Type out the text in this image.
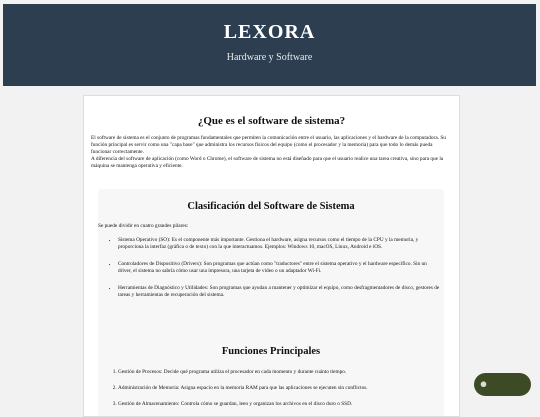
LEXORA
Hardware y Software
¿Que es el software de sistema?

El software de sistema es el conjunto de programas fundamentales que permiten la comunicación entre el usuario, las aplicaciones y el hardware de la computadora. Su función principal es servir como una "capa base" que administra los recursos físicos del equipo (como el procesador y la memoria) para que todo lo demás pueda funcionar correctamente.

A diferencia del software de aplicación (como Word o Chrome), el software de sistema no está diseñado para que el usuario realice una tarea creativa, sino para que la máquina se mantenga operativa y eficiente.

Clasificación del Software de Sistema
Se puede dividir en cuatro grandes pilares:
• Sistema Operativo (SO): Es el componente más importante. Gestiona el hardware, asigna recursos como el tiempo de la CPU y la memoria, y proporciona la interfaz (gráfica o de texto) con la que interactuamos. Ejemplos: Windows 10, macOS, Linux, Android e iOS.
• Controladores de Dispositivo (Drivers): Son programas que actúan como "traductores" entre el sistema operativo y el hardware específico. Sin un driver, el sistema no sabría cómo usar una impresora, una tarjeta de video o un adaptador Wi-Fi.
• Herramientas de Diagnóstico y Utilidades: Son programas que ayudan a mantener y optimizar el equipo, como desfragmentadores de disco, gestores de tareas y herramientas de recuperación del sistema.
Funciones Principales
1. Gestión de Procesos: Decide qué programa utiliza el procesador en cada momento y durante cuánto tiempo.
2. Administración de Memoria: Asigna espacio en la memoria RAM para que las aplicaciones se ejecuten sin conflictos.
3. Gestión de Almacenamiento: Controla cómo se guardan, leen y organizan los archivos en el disco duro o SSD.
